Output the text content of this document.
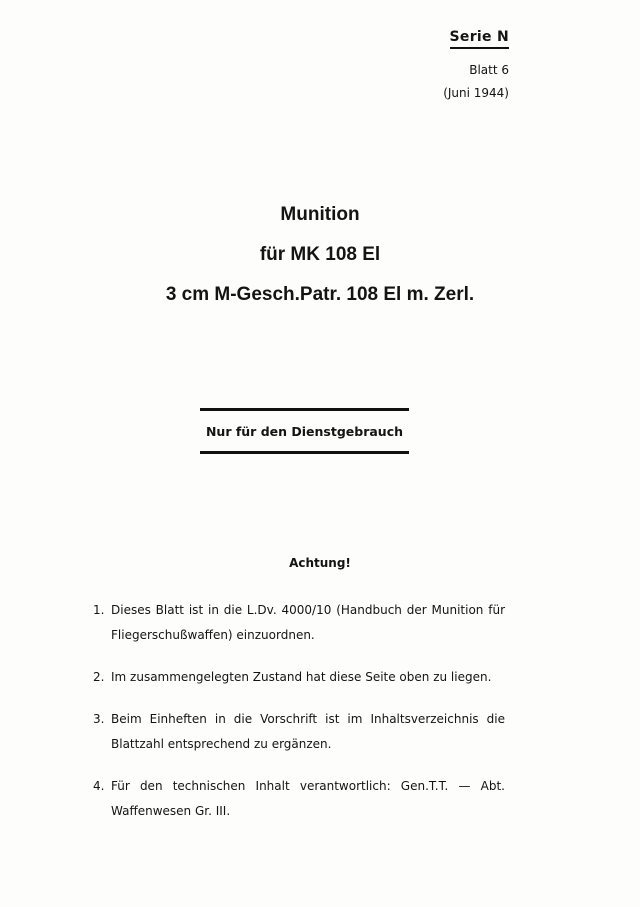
Serie N
Blatt 6
(Juni 1944)
Munition
für MK 108 El
3 cm M-Gesch.Patr. 108 El m. Zerl.
Nur für den Dienstgebrauch
Achtung!
1. Dieses Blatt ist in die L.Dv. 4000/10 (Handbuch der Munition für Fliegerschußwaffen) einzuordnen.
2. Im zusammengelegten Zustand hat diese Seite oben zu liegen.
3. Beim Einheften in die Vorschrift ist im Inhaltsverzeichnis die Blattzahl entsprechend zu ergänzen.
4. Für den technischen Inhalt verantwortlich: Gen.T.T. — Abt. Waffenwesen Gr. III.
